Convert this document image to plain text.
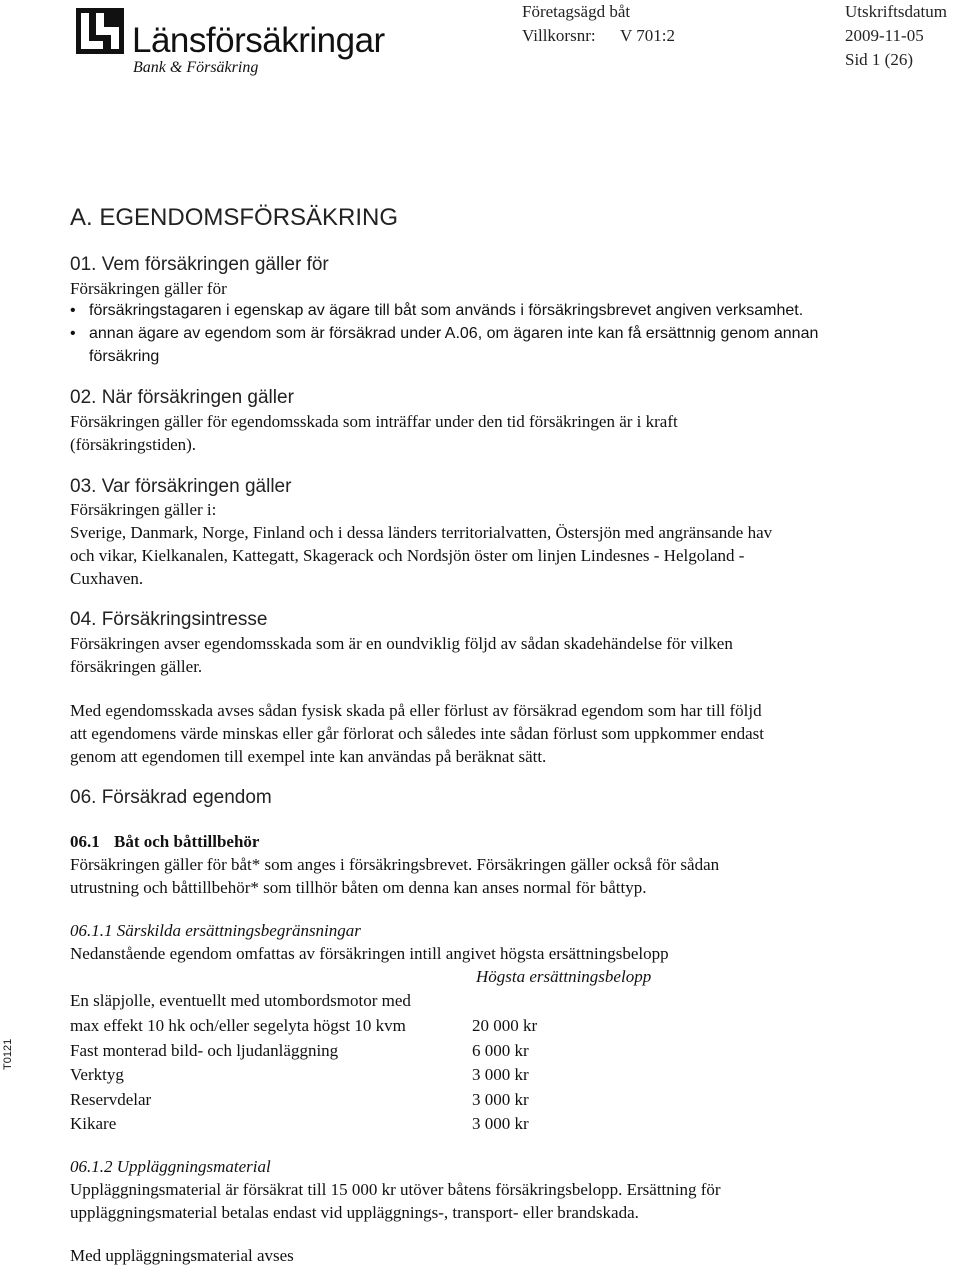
Länsförsäkringar
Bank & Försäkring
Företagsägd båt
Villkorsnr: V 701:2
Utskriftsdatum
2009-11-05
Sid 1 (26)
T0121
A. EGENDOMSFÖRSÄKRING
01. Vem försäkringen gäller för
Försäkringen gäller för
• försäkringstagaren i egenskap av ägare till båt som används i försäkringsbrevet angiven verksamhet.
• annan ägare av egendom som är försäkrad under A.06, om ägaren inte kan få ersättnnig genom annan
försäkring
02. När försäkringen gäller
Försäkringen gäller för egendomsskada som inträffar under den tid försäkringen är i kraft
(försäkringstiden).
03. Var försäkringen gäller
Försäkringen gäller i:
Sverige, Danmark, Norge, Finland och i dessa länders territorialvatten, Östersjön med angränsande hav
och vikar, Kielkanalen, Kattegatt, Skagerack och Nordsjön öster om linjen Lindesnes - Helgoland -
Cuxhaven.
04. Försäkringsintresse
Försäkringen avser egendomsskada som är en oundviklig följd av sådan skadehändelse för vilken
försäkringen gäller.
Med egendomsskada avses sådan fysisk skada på eller förlust av försäkrad egendom som har till följd
att egendomens värde minskas eller går förlorat och således inte sådan förlust som uppkommer endast
genom att egendomen till exempel inte kan användas på beräknat sätt.
06. Försäkrad egendom
06.1 Båt och båttillbehör
Försäkringen gäller för båt* som anges i försäkringsbrevet. Försäkringen gäller också för sådan
utrustning och båttillbehör* som tillhör båten om denna kan anses normal för båttyp.
06.1.1 Särskilda ersättningsbegränsningar
Nedanstående egendom omfattas av försäkringen intill angivet högsta ersättningsbelopp
Högsta ersättningsbelopp
En släpjolle, eventuellt med utombordsmotor med
max effekt 10 hk och/eller segelyta högst 10 kvm	20 000 kr
Fast monterad bild- och ljudanläggning	6 000 kr
Verktyg	3 000 kr
Reservdelar	3 000 kr
Kikare	3 000 kr
06.1.2 Uppläggningsmaterial
Uppläggningsmaterial är försäkrat till 15 000 kr utöver båtens försäkringsbelopp. Ersättning för
uppläggningsmaterial betalas endast vid uppläggnings-, transport- eller brandskada.
Med uppläggningsmaterial avses
